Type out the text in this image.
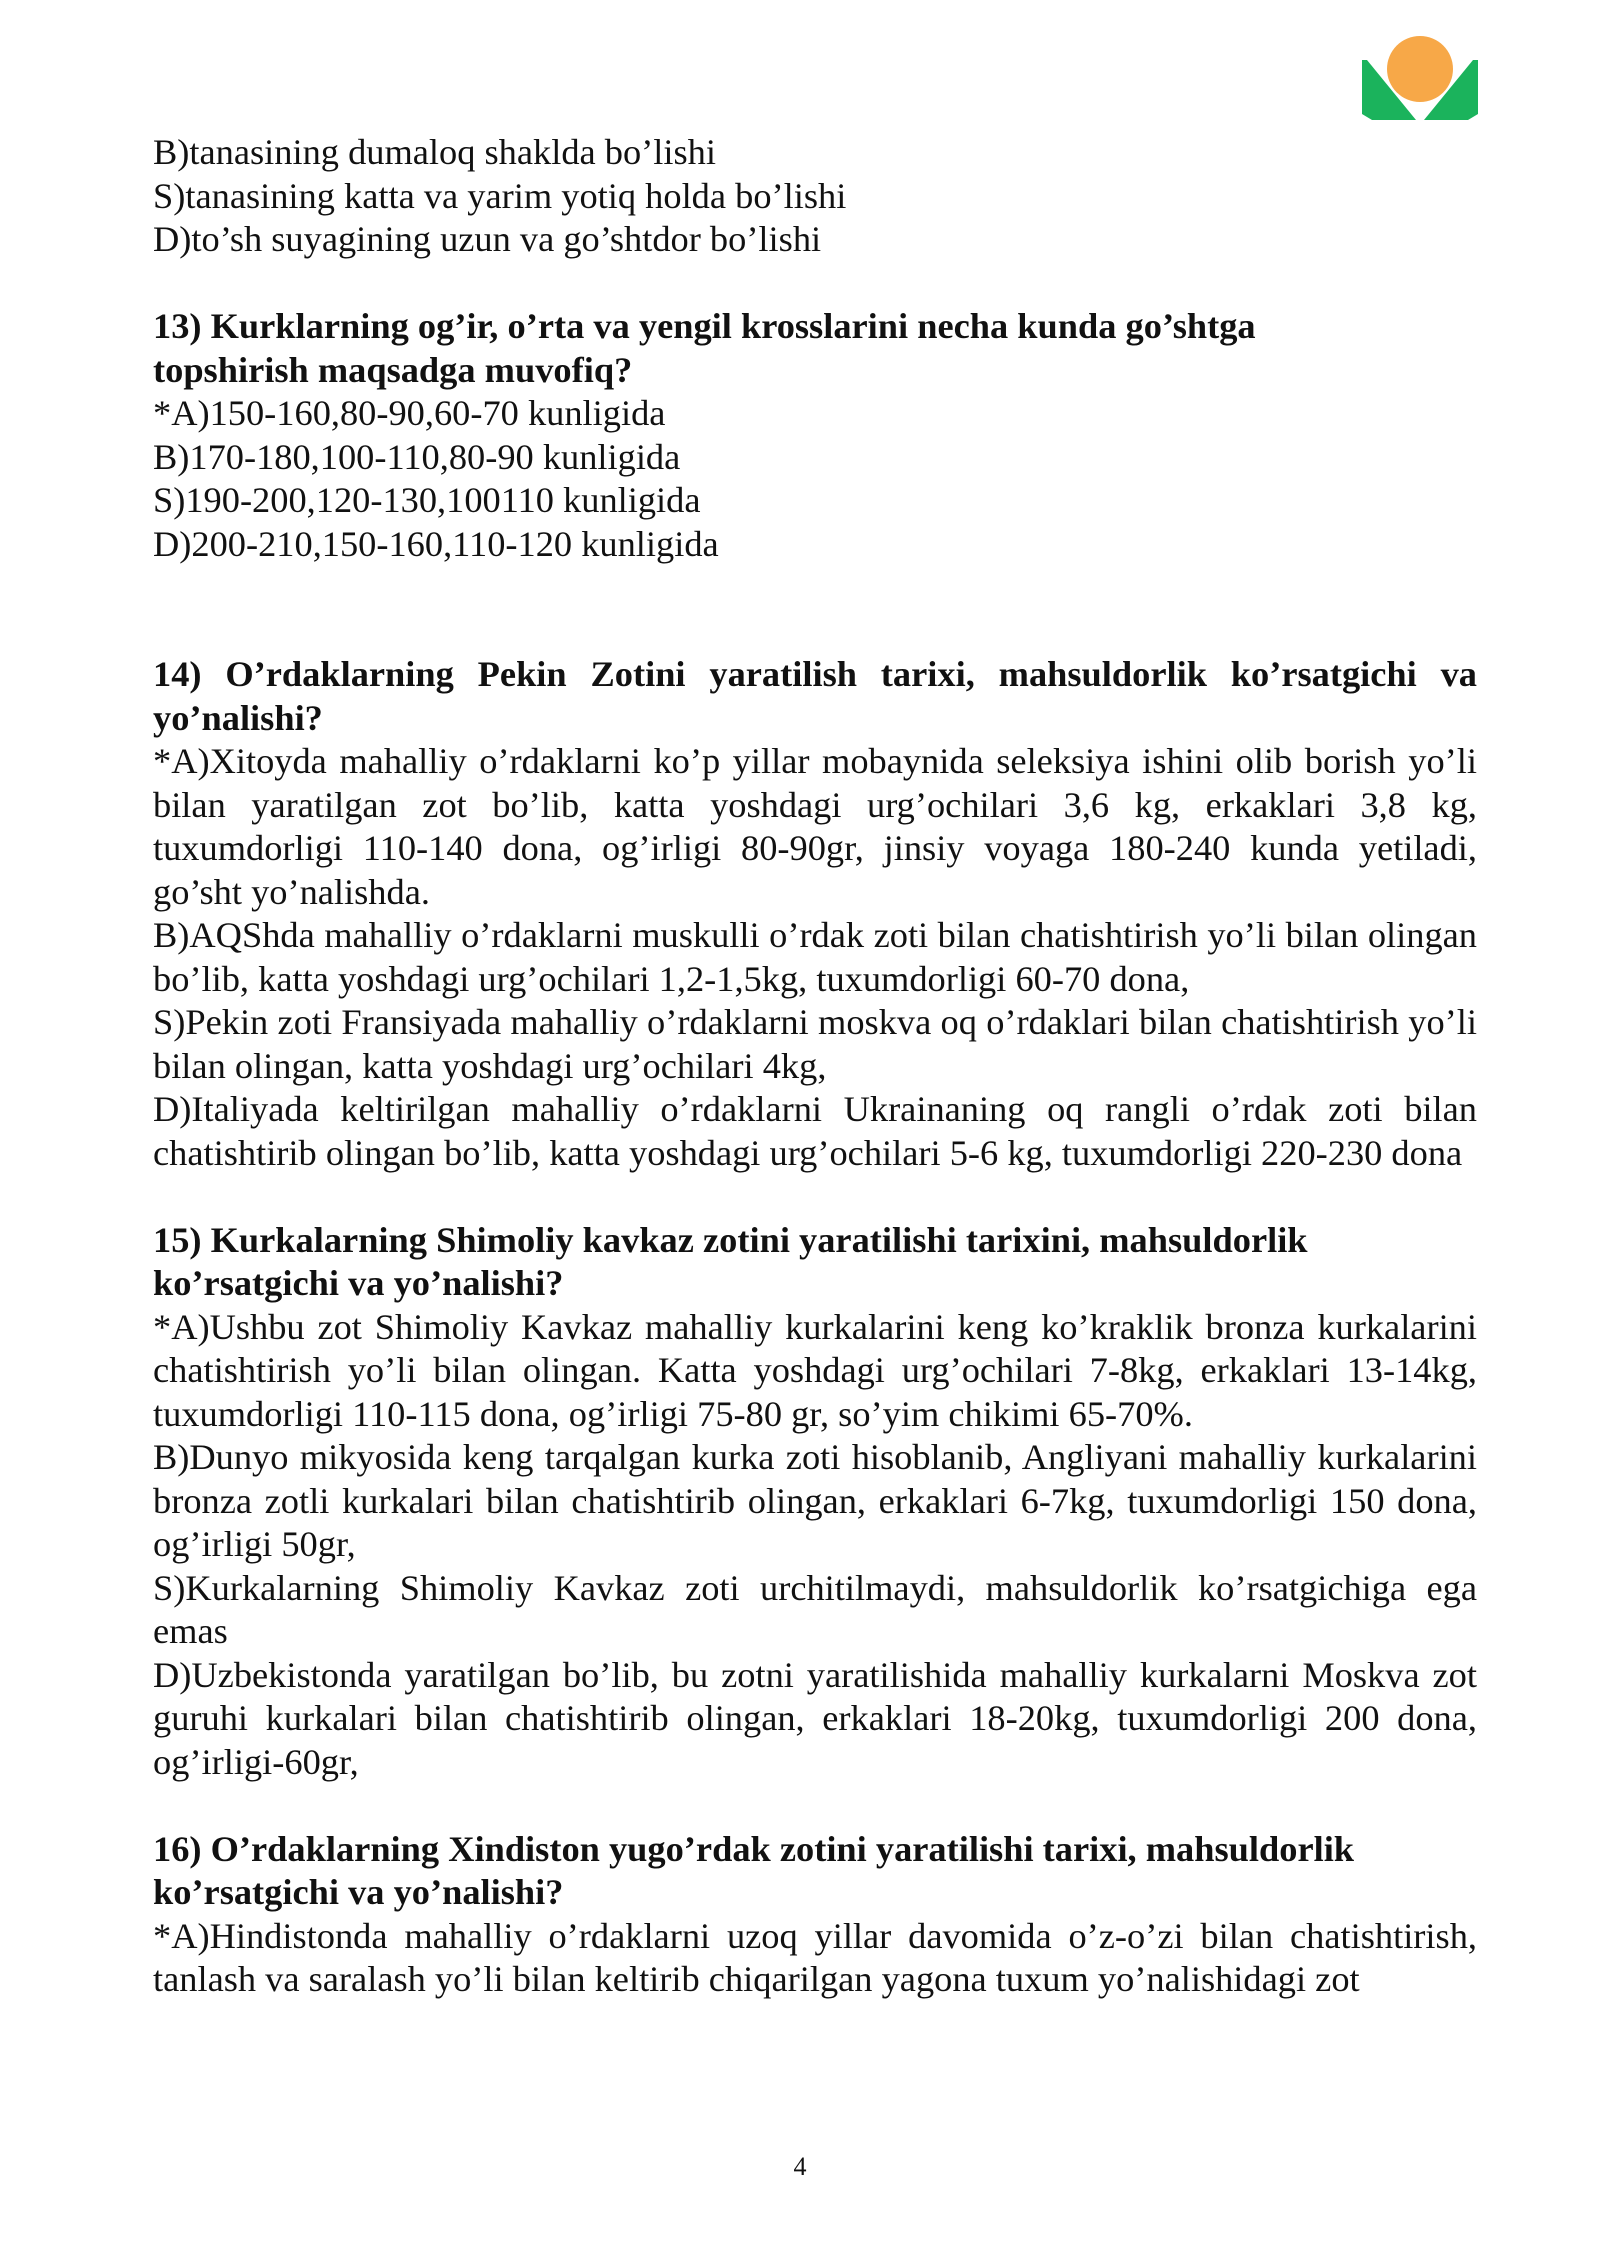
B)tanasining dumaloq shaklda bo’lishi
S)tanasining katta va yarim yotiq holda bo’lishi
D)to’sh suyagining uzun va go’shtdor bo’lishi
13) Kurklarning og’ir, o’rta va yengil krosslarini necha kunda go’shtga
topshirish maqsadga muvofiq?
*A)150-160,80-90,60-70 kunligida
B)170-180,100-110,80-90 kunligida
S)190-200,120-130,100110 kunligida
D)200-210,150-160,110-120 kunligida
14) O’rdaklarning Pekin Zotini yaratilish tarixi, mahsuldorlik ko’rsatgichi va yo’nalishi?
*A)Xitoyda mahalliy o’rdaklarni ko’p yillar mobaynida seleksiya ishini olib borish yo’li bilan yaratilgan zot bo’lib, katta yoshdagi urg’ochilari 3,6 kg, erkaklari 3,8 kg, tuxumdorligi 110-140 dona, og’irligi 80-90gr, jinsiy voyaga 180-240 kunda yetiladi, go’sht yo’nalishda.
B)AQShda mahalliy o’rdaklarni muskulli o’rdak zoti bilan chatishtirish yo’li bilan olingan bo’lib, katta yoshdagi urg’ochilari 1,2-1,5kg, tuxumdorligi 60-70 dona,
S)Pekin zoti Fransiyada mahalliy o’rdaklarni moskva oq o’rdaklari bilan chatishtirish yo’li bilan olingan, katta yoshdagi urg’ochilari 4kg,
D)Italiyada keltirilgan mahalliy o’rdaklarni Ukrainaning oq rangli o’rdak zoti bilan chatishtirib olingan bo’lib, katta yoshdagi urg’ochilari 5-6 kg, tuxumdorligi 220-230 dona
15) Kurkalarning Shimoliy kavkaz zotini yaratilishi tarixini, mahsuldorlik
ko’rsatgichi va yo’nalishi?
*A)Ushbu zot Shimoliy Kavkaz mahalliy kurkalarini keng ko’kraklik bronza kurkalarini chatishtirish yo’li bilan olingan. Katta yoshdagi urg’ochilari 7-8kg, erkaklari 13-14kg, tuxumdorligi 110-115 dona, og’irligi 75-80 gr, so’yim chikimi 65-70%.
B)Dunyo mikyosida keng tarqalgan kurka zoti hisoblanib, Angliyani mahalliy kurkalarini bronza zotli kurkalari bilan chatishtirib olingan, erkaklari 6-7kg, tuxumdorligi 150 dona, og’irligi 50gr,
S)Kurkalarning Shimoliy Kavkaz zoti urchitilmaydi, mahsuldorlik ko’rsatgichiga ega emas
D)Uzbekistonda yaratilgan bo’lib, bu zotni yaratilishida mahalliy kurkalarni Moskva zot guruhi kurkalari bilan chatishtirib olingan, erkaklari 18-20kg, tuxumdorligi 200 dona, og’irligi-60gr,
16) O’rdaklarning Xindiston yugo’rdak zotini yaratilishi tarixi, mahsuldorlik
ko’rsatgichi va yo’nalishi?
*A)Hindistonda mahalliy o’rdaklarni uzoq yillar davomida o’z-o’zi bilan chatishtirish, tanlash va saralash yo’li bilan keltirib chiqarilgan yagona tuxum yo’nalishidagi zot
4
